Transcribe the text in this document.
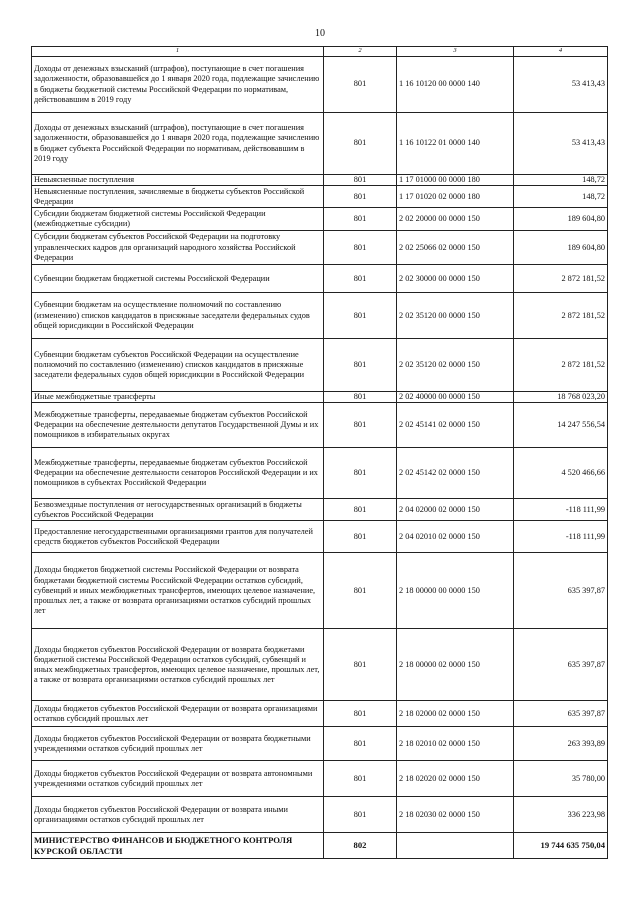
10
1	2	3	4
Доходы от денежных взысканий (штрафов), поступающие в счет погашения задолженности, образовавшейся до 1 января 2020 года, подлежащие зачислению в бюджеты бюджетной системы Российской Федерации по нормативам, действовавшим в 2019 году	801	1 16 10120 00 0000 140	53 413,43
Доходы от денежных взысканий (штрафов), поступающие в счет погашения задолженности, образовавшейся до 1 января 2020 года, подлежащие зачислению в бюджет субъекта Российской Федерации по нормативам, действовавшим в 2019 году	801	1 16 10122 01 0000 140	53 413,43
Невыясненные поступления	801	1 17 01000 00 0000 180	148,72
Невыясненные поступления, зачисляемые в бюджеты субъектов Российской Федерации	801	1 17 01020 02 0000 180	148,72
Субсидии бюджетам бюджетной системы Российской Федерации (межбюджетные субсидии)	801	2 02 20000 00 0000 150	189 604,80
Субсидии бюджетам субъектов Российской Федерации на подготовку управленческих кадров для организаций народного хозяйства Российской Федерации	801	2 02 25066 02 0000 150	189 604,80
Субвенции бюджетам бюджетной системы Российской Федерации	801	2 02 30000 00 0000 150	2 872 181,52
Субвенции бюджетам на осуществление полномочий по составлению (изменению) списков кандидатов в присяжные заседатели федеральных судов общей юрисдикции в Российской Федерации	801	2 02 35120 00 0000 150	2 872 181,52
Субвенции бюджетам субъектов Российской Федерации на осуществление полномочий по составлению (изменению) списков кандидатов в присяжные заседатели федеральных судов общей юрисдикции в Российской Федерации	801	2 02 35120 02 0000 150	2 872 181,52
Иные межбюджетные трансферты	801	2 02 40000 00 0000 150	18 768 023,20
Межбюджетные трансферты, передаваемые бюджетам субъектов Российской Федерации на обеспечение деятельности депутатов Государственной Думы и их помощников в избирательных округах	801	2 02 45141 02 0000 150	14 247 556,54
Межбюджетные трансферты, передаваемые бюджетам субъектов Российской Федерации на обеспечение деятельности сенаторов Российской Федерации и их помощников в субъектах Российской Федерации	801	2 02 45142 02 0000 150	4 520 466,66
Безвозмездные поступления от негосударственных организаций в бюджеты субъектов Российской Федерации	801	2 04 02000 02 0000 150	-118 111,99
Предоставление негосударственными организациями грантов для получателей средств бюджетов субъектов Российской Федерации	801	2 04 02010 02 0000 150	-118 111,99
Доходы бюджетов бюджетной системы Российской Федерации от возврата бюджетами бюджетной системы Российской Федерации остатков субсидий, субвенций и иных межбюджетных трансфертов, имеющих целевое назначение, прошлых лет, а также от возврата организациями остатков субсидий прошлых лет	801	2 18 00000 00 0000 150	635 397,87
Доходы бюджетов субъектов Российской Федерации от возврата бюджетами бюджетной системы Российской Федерации остатков субсидий, субвенций и иных межбюджетных трансфертов, имеющих целевое назначение, прошлых лет, а также от возврата организациями остатков субсидий прошлых лет	801	2 18 00000 02 0000 150	635 397,87
Доходы бюджетов субъектов Российской Федерации от возврата организациями остатков субсидий прошлых лет	801	2 18 02000 02 0000 150	635 397,87
Доходы бюджетов субъектов Российской Федерации от возврата бюджетными учреждениями остатков субсидий прошлых лет	801	2 18 02010 02 0000 150	263 393,89
Доходы бюджетов субъектов Российской Федерации от возврата автономными учреждениями остатков субсидий прошлых лет	801	2 18 02020 02 0000 150	35 780,00
Доходы бюджетов субъектов Российской Федерации от возврата иными организациями остатков субсидий прошлых лет	801	2 18 02030 02 0000 150	336 223,98
МИНИСТЕРСТВО ФИНАНСОВ И БЮДЖЕТНОГО КОНТРОЛЯ КУРСКОЙ ОБЛАСТИ	802		19 744 635 750,04
